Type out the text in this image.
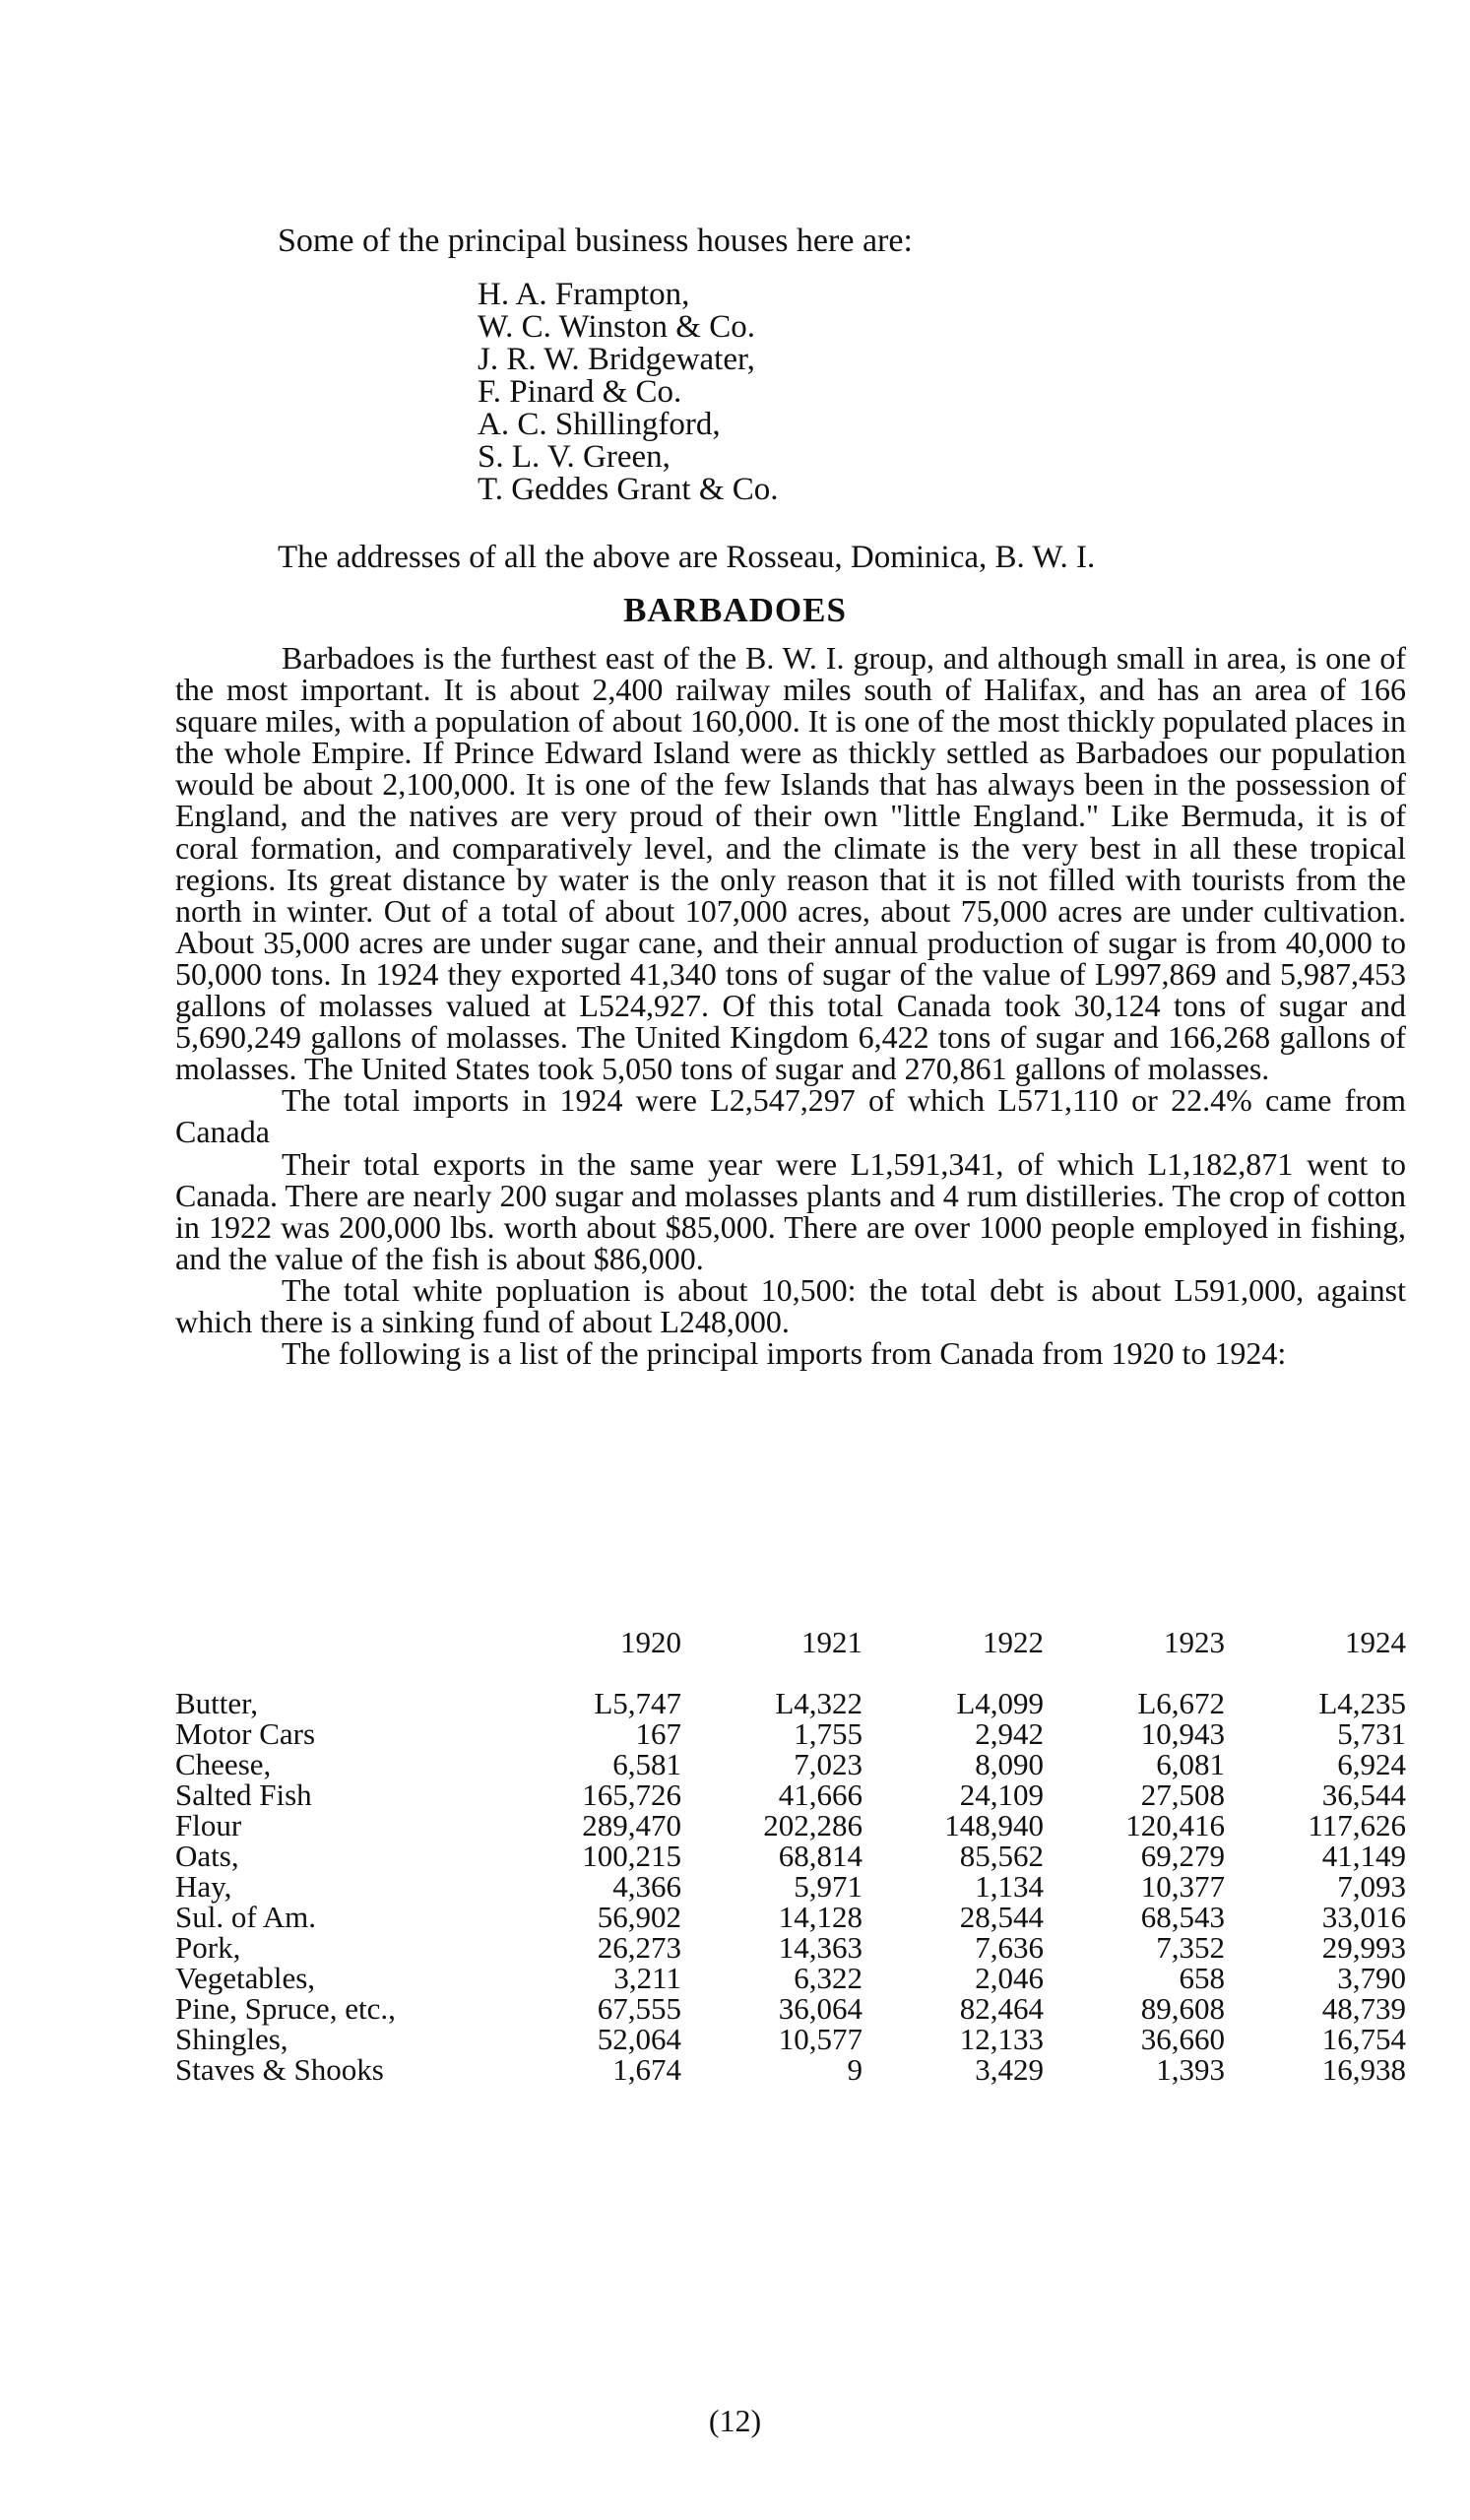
Some of the principal business houses here are:
H. A. Frampton,
W. C. Winston & Co.
J. R. W. Bridgewater,
F. Pinard & Co.
A. C. Shillingford,
S. L. V. Green,
T. Geddes Grant & Co.
The addresses of all the above are Rosseau, Dominica, B. W. I.
BARBADOES

Barbadoes is the furthest east of the B. W. I. group, and although small in area, is one of the most important. It is about 2,400 railway miles south of Halifax, and has an area of 166 square miles, with a population of about 160,000. It is one of the most thickly populated places in the whole Empire. If Prince Edward Island were as thickly settled as Barbadoes our population would be about 2,100,000. It is one of the few Islands that has always been in the possession of England, and the natives are very proud of their own "little England." Like Bermuda, it is of coral formation, and comparatively level, and the climate is the very best in all these tropical regions. Its great distance by water is the only reason that it is not filled with tourists from the north in winter. Out of a total of about 107,000 acres, about 75,000 acres are under cultivation. About 35,000 acres are under sugar cane, and their annual production of sugar is from 40,000 to 50,000 tons. In 1924 they exported 41,340 tons of sugar of the value of L997,869 and 5,987,453 gallons of molasses valued at L524,927. Of this total Canada took 30,124 tons of sugar and 5,690,249 gallons of molasses. The United Kingdom 6,422 tons of sugar and 166,268 gallons of molasses. The United States took 5,050 tons of sugar and 270,861 gallons of molasses.

The total imports in 1924 were L2,547,297 of which L571,110 or 22.4% came from Canada

Their total exports in the same year were L1,591,341, of which L1,182,871 went to Canada. There are nearly 200 sugar and molasses plants and 4 rum distilleries. The crop of cotton in 1922 was 200,000 lbs. worth about $85,000. There are over 1000 people employed in fishing, and the value of the fish is about $86,000.

The total white popluation is about 10,500: the total debt is about L591,000, against which there is a sinking fund of about L248,000.

The following is a list of the principal imports from Canada from 1920 to 1924:

	1920	1921	1922	1923	1924
Butter,	L5,747	L4,322	L4,099	L6,672	L4,235
Motor Cars	167	1,755	2,942	10,943	5,731
Cheese,	6,581	7,023	8,090	6,081	6,924
Salted Fish	165,726	41,666	24,109	27,508	36,544
Flour	289,470	202,286	148,940	120,416	117,626
Oats,	100,215	68,814	85,562	69,279	41,149
Hay,	4,366	5,971	1,134	10,377	7,093
Sul. of Am.	56,902	14,128	28,544	68,543	33,016
Pork,	26,273	14,363	7,636	7,352	29,993
Vegetables,	3,211	6,322	2,046	658	3,790
Pine, Spruce, etc.,	67,555	36,064	82,464	89,608	48,739
Shingles,	52,064	10,577	12,133	36,660	16,754
Staves & Shooks	1,674	9	3,429	1,393	16,938
(12)
